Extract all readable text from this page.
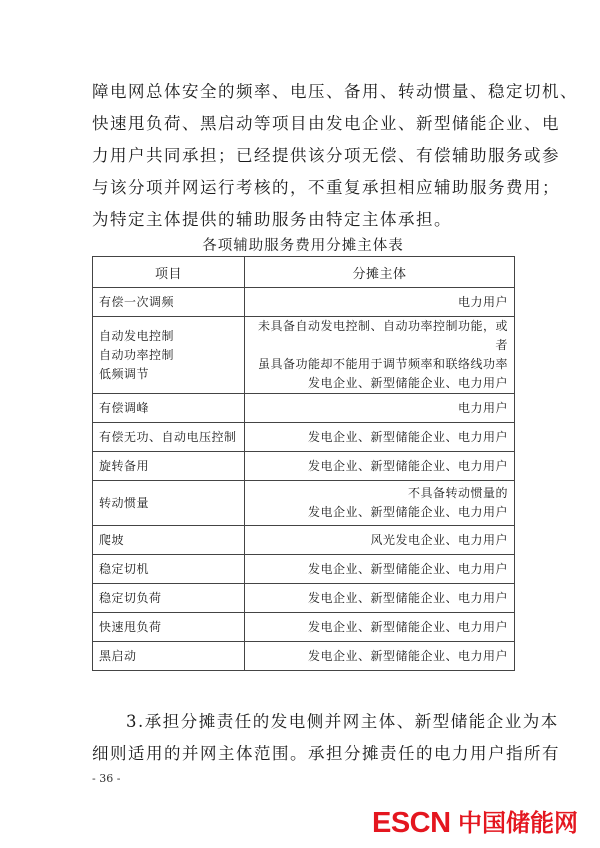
障电网总体安全的频率、电压、备用、转动惯量、稳定切机、

快速甩负荷、黑启动等项目由发电企业、新型储能企业、电

力用户共同承担；已经提供该分项无偿、有偿辅助服务或参

与该分项并网运行考核的，不重复承担相应辅助服务费用；

为特定主体提供的辅助服务由特定主体承担。

各项辅助服务费用分摊主体表
项目	分摊主体

有偿一次调频	电力用户

自动发电控制
自动功率控制
低频调节	未具备自动发电控制、自动功率控制功能，或者
虽具备功能却不能用于调节频率和联络线功率
发电企业、新型储能企业、电力用户

有偿调峰	电力用户

有偿无功、自动电压控制	发电企业、新型储能企业、电力用户

旋转备用	发电企业、新型储能企业、电力用户

转动惯量	不具备转动惯量的
发电企业、新型储能企业、电力用户

爬坡	风光发电企业、电力用户

稳定切机	发电企业、新型储能企业、电力用户

稳定切负荷	发电企业、新型储能企业、电力用户

快速甩负荷	发电企业、新型储能企业、电力用户

黑启动	发电企业、新型储能企业、电力用户

3.承担分摊责任的发电侧并网主体、新型储能企业为本

细则适用的并网主体范围。承担分摊责任的电力用户指所有

- 36 -
ESCN 中国储能网
